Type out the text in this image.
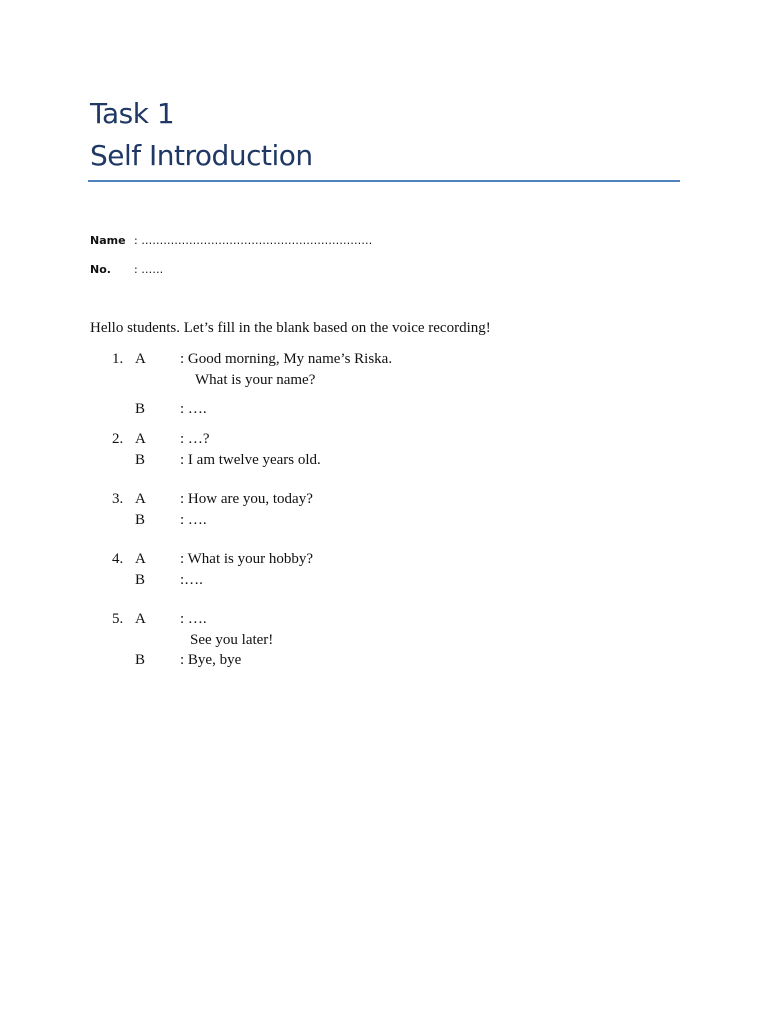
Task 1
Self Introduction
Name : ………………………………………………………
No. : ……
Hello students. Let’s fill in the blank based on the voice recording!
1. A : Good morning, My name’s Riska.
What is your name?
B : ….
2. A : …?
B : I am twelve years old.
3. A : How are you, today?
B : ….
4. A : What is your hobby?
B :….
5. A : ….
See you later!
B : Bye, bye
